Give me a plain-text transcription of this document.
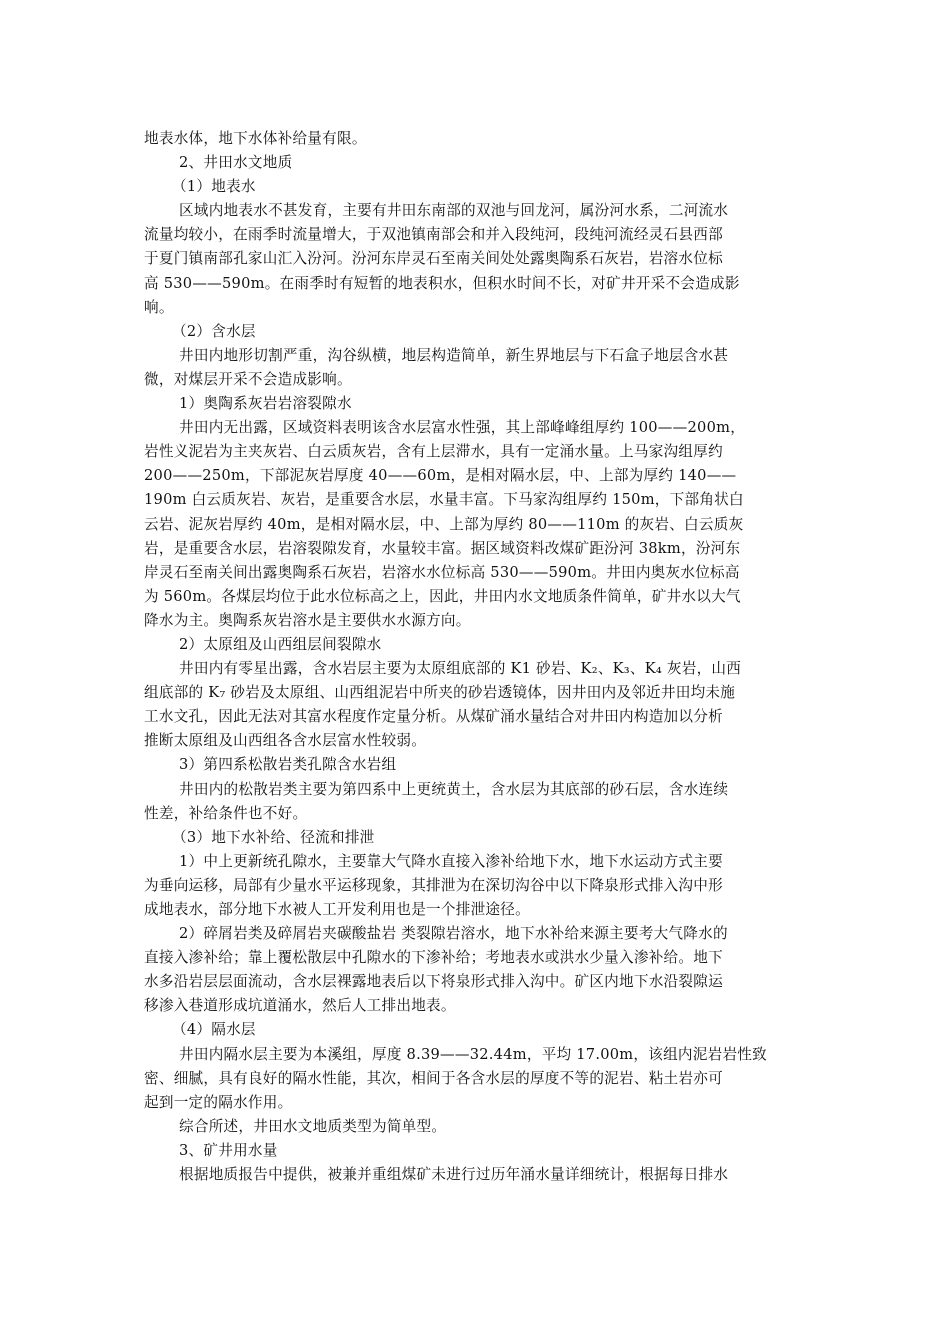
地表水体，地下水体补给量有限。
2、井田水文地质
（1）地表水
区域内地表水不甚发育，主要有井田东南部的双池与回龙河，属汾河水系，二河流水
流量均较小，在雨季时流量增大，于双池镇南部会和并入段纯河，段纯河流经灵石县西部
于夏门镇南部孔家山汇入汾河。汾河东岸灵石至南关间处处露奥陶系石灰岩，岩溶水位标
高 530——590m。在雨季时有短暂的地表积水，但积水时间不长，对矿井开采不会造成影
响。
（2）含水层
井田内地形切割严重，沟谷纵横，地层构造简单，新生界地层与下石盒子地层含水甚
微，对煤层开采不会造成影响。
1）奥陶系灰岩岩溶裂隙水
井田内无出露，区域资料表明该含水层富水性强，其上部峰峰组厚约 100——200m，
岩性义泥岩为主夹灰岩、白云质灰岩，含有上层滞水，具有一定涌水量。上马家沟组厚约
200——250m，下部泥灰岩厚度 40——60m，是相对隔水层，中、上部为厚约 140——
190m 白云质灰岩、灰岩，是重要含水层，水量丰富。下马家沟组厚约 150m，下部角状白
云岩、泥灰岩厚约 40m，是相对隔水层，中、上部为厚约 80——110m 的灰岩、白云质灰
岩，是重要含水层，岩溶裂隙发育，水量较丰富。据区域资料改煤矿距汾河 38km，汾河东
岸灵石至南关间出露奥陶系石灰岩，岩溶水水位标高 530——590m。井田内奥灰水位标高
为 560m。各煤层均位于此水位标高之上，因此，井田内水文地质条件简单，矿井水以大气
降水为主。奥陶系灰岩溶水是主要供水水源方向。
2）太原组及山西组层间裂隙水
井田内有零星出露，含水岩层主要为太原组底部的 K1 砂岩、K₂、K₃、K₄ 灰岩，山西
组底部的 K₇ 砂岩及太原组、山西组泥岩中所夹的砂岩透镜体，因井田内及邻近井田均未施
工水文孔，因此无法对其富水程度作定量分析。从煤矿涌水量结合对井田内构造加以分析
推断太原组及山西组各含水层富水性较弱。
3）第四系松散岩类孔隙含水岩组
井田内的松散岩类主要为第四系中上更统黄土，含水层为其底部的砂石层，含水连续
性差，补给条件也不好。
（3）地下水补给、径流和排泄
1）中上更新统孔隙水，主要靠大气降水直接入渗补给地下水，地下水运动方式主要
为垂向运移，局部有少量水平运移现象，其排泄为在深切沟谷中以下降泉形式排入沟中形
成地表水，部分地下水被人工开发利用也是一个排泄途径。
2）碎屑岩类及碎屑岩夹碳酸盐岩 类裂隙岩溶水，地下水补给来源主要考大气降水的
直接入渗补给；靠上覆松散层中孔隙水的下渗补给；考地表水或洪水少量入渗补给。地下
水多沿岩层层面流动，含水层裸露地表后以下将泉形式排入沟中。矿区内地下水沿裂隙运
移渗入巷道形成坑道涌水，然后人工排出地表。
（4）隔水层
井田内隔水层主要为本溪组，厚度 8.39——32.44m，平均 17.00m，该组内泥岩岩性致
密、细腻，具有良好的隔水性能，其次，相间于各含水层的厚度不等的泥岩、粘土岩亦可
起到一定的隔水作用。
综合所述，井田水文地质类型为简单型。
3、矿井用水量
根据地质报告中提供，被兼并重组煤矿未进行过历年涌水量详细统计，根据每日排水
